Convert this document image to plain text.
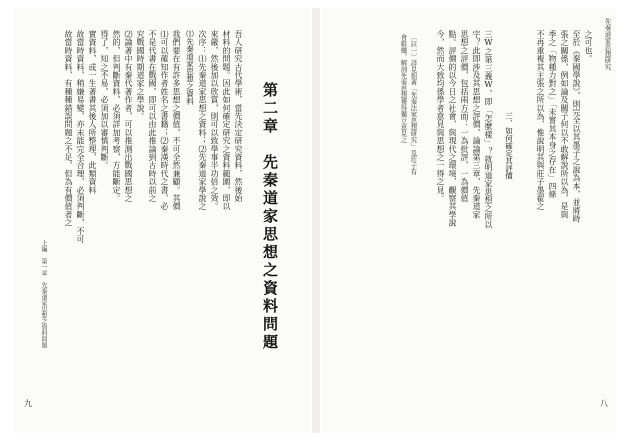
先秦道家思想研究
八
之可也。
至於《秦國學說》，則完全以其墨子之說為本，並將時
張之關係，例如論及關子何以不敢解說所以為，是與
季之「物種力對之」「未嘗其本身之存在」四條
不再重複其主張之所以為，惟說明其與莊子墨翟之
三、如何確定其評價
三W之第三義W，即「怎麼樣」？就明道家思想之所以
字？此即涉及其思想之評價，論論第三章，先秦道家
思想之評價，包括兩方面：一為批評，一為價值
點。評價的以今日之社會，與現代之環境，觀察其學說
今，然而大致均係學者意見與思想之一得之見。
〔註一〕詳見拙著「先秦法家思想研究」及莊子有
會組織，解剖先秦思想獲得獨立意見之
第二章　先秦道家思想之資料問題
吾人研究古代學術，當先決定研究資料，然後始
材料的問題。因此如何確定研究之資料範圍，即以
來嚴，然後加以欣賞，則可以致學事半功倍之效。
次序：⑴先秦道家思想之資料；⑵先秦道家學說之
⑴先秦道家思想之資料
我們要在有許多思想之價值，不可全然兼顧。其價
⑴可以確知作者姓名之書籍；⑵秦漢時代之書，必
不是代書在戰國，即可以由此推論到古時以前之
究戰國時期道家之學說。
⑵論著中有秦代著作者，可以推測出戰國思想之
然的，但判斷資料，必須詳加考察，方能斷定。
得了，知之不易，必須加以審慎判斷。
實資料，或一生著書其後人所整理，此類資料
故當時資料，稍嫌易變，亦未能完全合理，必須判斷，不可
故當時資料，有種種錯誤問題之不足，但為有價值者之
上編　第一章　先秦道家思想之資料問題
九
